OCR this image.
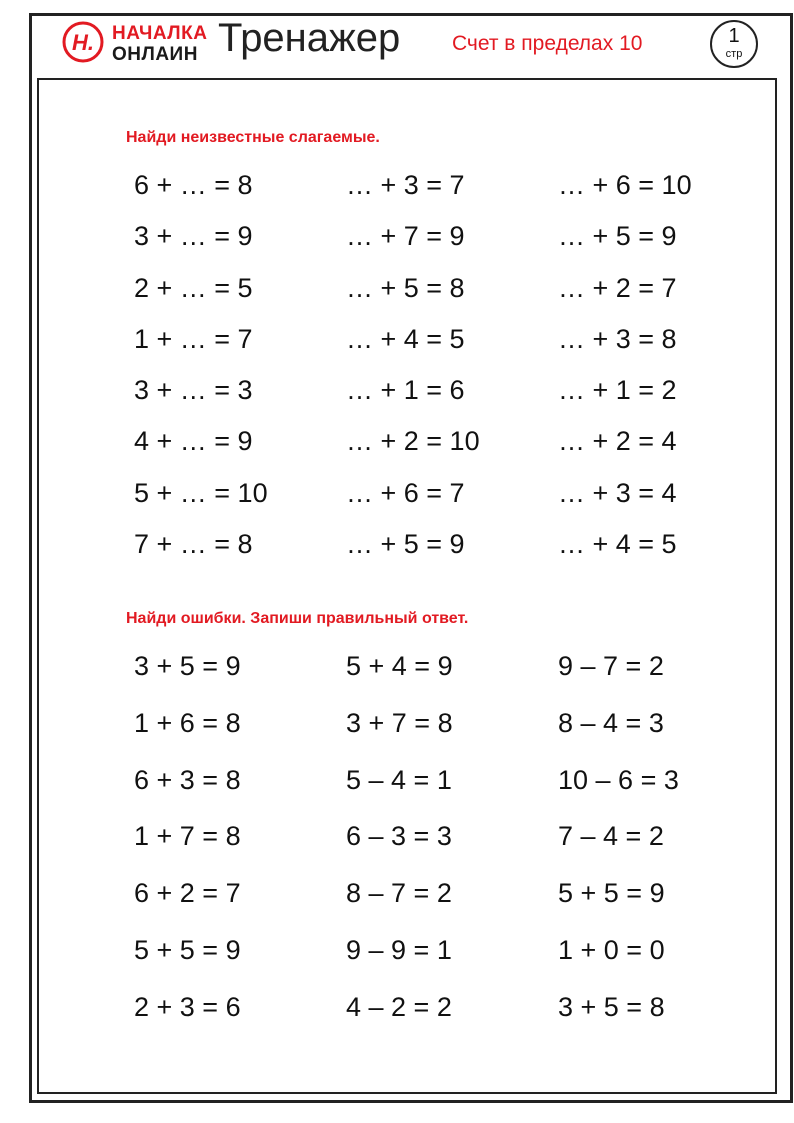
Н. НАЧАЛКА
ОНЛАИН Тренажер Счет в пределах 10	1
стр
Найди неизвестные слагаемые.
6 + … = 8	… + 3 = 7	… + 6 = 10
3 + … = 9	… + 7 = 9	… + 5 = 9
2 + … = 5	… + 5 = 8	… + 2 = 7
1 + … = 7	… + 4 = 5	… + 3 = 8
3 + … = 3	… + 1 = 6	… + 1 = 2
4 + … = 9	… + 2 = 10	… + 2 = 4
5 + … = 10	… + 6 = 7	… + 3 = 4
7 + … = 8	… + 5 = 9	… + 4 = 5
Найди ошибки. Запиши правильный ответ.
3 + 5 = 9	5 + 4 = 9	9 – 7 = 2
1 + 6 = 8	3 + 7 = 8	8 – 4 = 3
6 + 3 = 8	5 – 4 = 1	10 – 6 = 3
1 + 7 = 8	6 – 3 = 3	7 – 4 = 2
6 + 2 = 7	8 – 7 = 2	5 + 5 = 9
5 + 5 = 9	9 – 9 = 1	1 + 0 = 0
2 + 3 = 6	4 – 2 = 2	3 + 5 = 8
